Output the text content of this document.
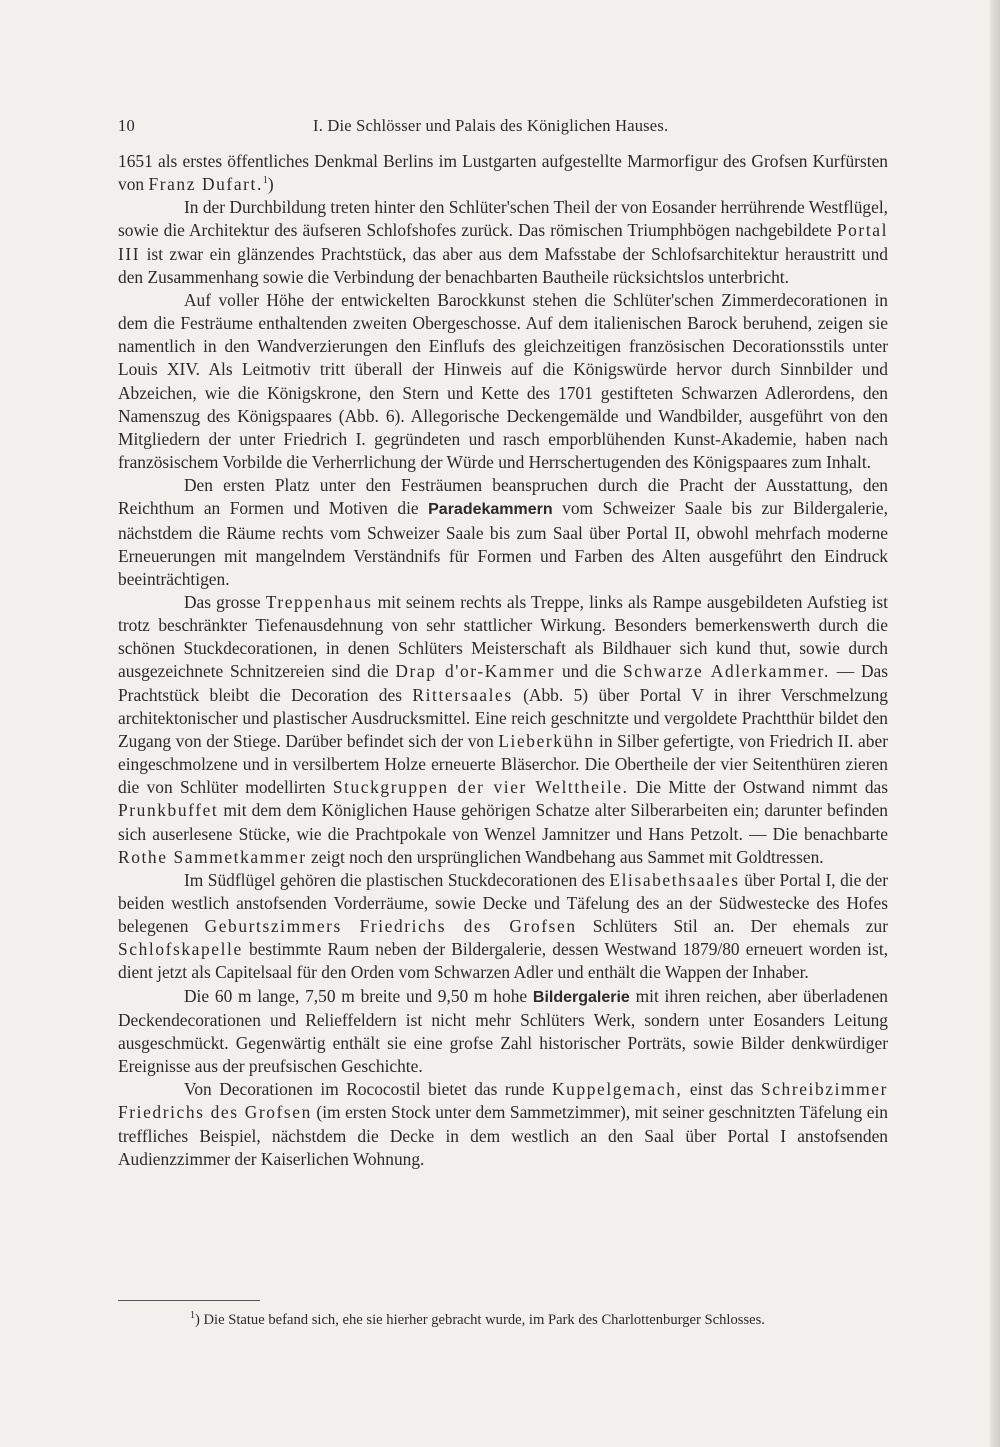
10	I. Die Schlösser und Palais des Königlichen Hauses.

1651 als erstes öffentliches Denkmal Berlins im Lustgarten aufgestellte Marmorfigur des Grofsen Kurfürsten von Franz Dufart.$^1$)

In der Durchbildung treten hinter den Schlüter'schen Theil der von Eosander herrührende Westflügel, sowie die Architektur des äufseren Schlofshofes zurück. Das römischen Triumphbögen nachgebildete Portal III ist zwar ein glänzendes Prachtstück, das aber aus dem Mafsstabe der Schlofsarchitektur heraustritt und den Zusammenhang sowie die Verbindung der benachbarten Bautheile rücksichtslos unterbricht.

Auf voller Höhe der entwickelten Barockkunst stehen die Schlüter'schen Zimmerdecorationen in dem die Festräume enthaltenden zweiten Obergeschosse. Auf dem italienischen Barock beruhend, zeigen sie namentlich in den Wandverzierungen den Einflufs des gleichzeitigen französischen Decorationsstils unter Louis XIV. Als Leitmotiv tritt überall der Hinweis auf die Königswürde hervor durch Sinnbilder und Abzeichen, wie die Königskrone, den Stern und Kette des 1701 gestifteten Schwarzen Adlerordens, den Namenszug des Königspaares (Abb. 6). Allegorische Deckengemälde und Wandbilder, ausgeführt von den Mitgliedern der unter Friedrich I. gegründeten und rasch emporblühenden Kunst-Akademie, haben nach französischem Vorbilde die Verherrlichung der Würde und Herrschertugenden des Königspaares zum Inhalt.

Den ersten Platz unter den Festräumen beanspruchen durch die Pracht der Ausstattung, den Reichthum an Formen und Motiven die Paradekammern vom Schweizer Saale bis zur Bildergalerie, nächstdem die Räume rechts vom Schweizer Saale bis zum Saal über Portal II, obwohl mehrfach moderne Erneuerungen mit mangelndem Verständnifs für Formen und Farben des Alten ausgeführt den Eindruck beeinträchtigen.

Das grosse Treppenhaus mit seinem rechts als Treppe, links als Rampe ausgebildeten Aufstieg ist trotz beschränkter Tiefenausdehnung von sehr stattlicher Wirkung. Besonders bemerkenswerth durch die schönen Stuckdecorationen, in denen Schlüters Meisterschaft als Bildhauer sich kund thut, sowie durch ausgezeichnete Schnitzereien sind die Drap d'or-Kammer und die Schwarze Adlerkammer. — Das Prachtstück bleibt die Decoration des Rittersaales (Abb. 5) über Portal V in ihrer Verschmelzung architektonischer und plastischer Ausdrucksmittel. Eine reich geschnitzte und vergoldete Prachtthür bildet den Zugang von der Stiege. Darüber befindet sich der von Lieberkühn in Silber gefertigte, von Friedrich II. aber eingeschmolzene und in versilbertem Holze erneuerte Bläserchor. Die Obertheile der vier Seitenthüren zieren die von Schlüter modellirten Stuckgruppen der vier Welttheile. Die Mitte der Ostwand nimmt das Prunkbuffet mit dem dem Königlichen Hause gehörigen Schatze alter Silberarbeiten ein; darunter befinden sich auserlesene Stücke, wie die Prachtpokale von Wenzel Jamnitzer und Hans Petzolt. — Die benachbarte Rothe Sammetkammer zeigt noch den ursprünglichen Wandbehang aus Sammet mit Goldtressen.

Im Südflügel gehören die plastischen Stuckdecorationen des Elisabethsaales über Portal I, die der beiden westlich anstofsenden Vorderräume, sowie Decke und Täfelung des an der Südwestecke des Hofes belegenen Geburtszimmers Friedrichs des Grofsen Schlüters Stil an. Der ehemals zur Schlofskapelle bestimmte Raum neben der Bildergalerie, dessen Westwand 1879/80 erneuert worden ist, dient jetzt als Capitelsaal für den Orden vom Schwarzen Adler und enthält die Wappen der Inhaber.

Die 60 m lange, 7,50 m breite und 9,50 m hohe Bildergalerie mit ihren reichen, aber überladenen Deckendecorationen und Relieffeldern ist nicht mehr Schlüters Werk, sondern unter Eosanders Leitung ausgeschmückt. Gegenwärtig enthält sie eine grofse Zahl historischer Porträts, sowie Bilder denkwürdiger Ereignisse aus der preufsischen Geschichte.

Von Decorationen im Rococostil bietet das runde Kuppelgemach, einst das Schreibzimmer Friedrichs des Grofsen (im ersten Stock unter dem Sammetzimmer), mit seiner geschnitzten Täfelung ein treffliches Beispiel, nächstdem die Decke in dem westlich an den Saal über Portal I anstofsenden Audienzzimmer der Kaiserlichen Wohnung.

$^1$) Die Statue befand sich, ehe sie hierher gebracht wurde, im Park des Charlottenburger Schlosses.
